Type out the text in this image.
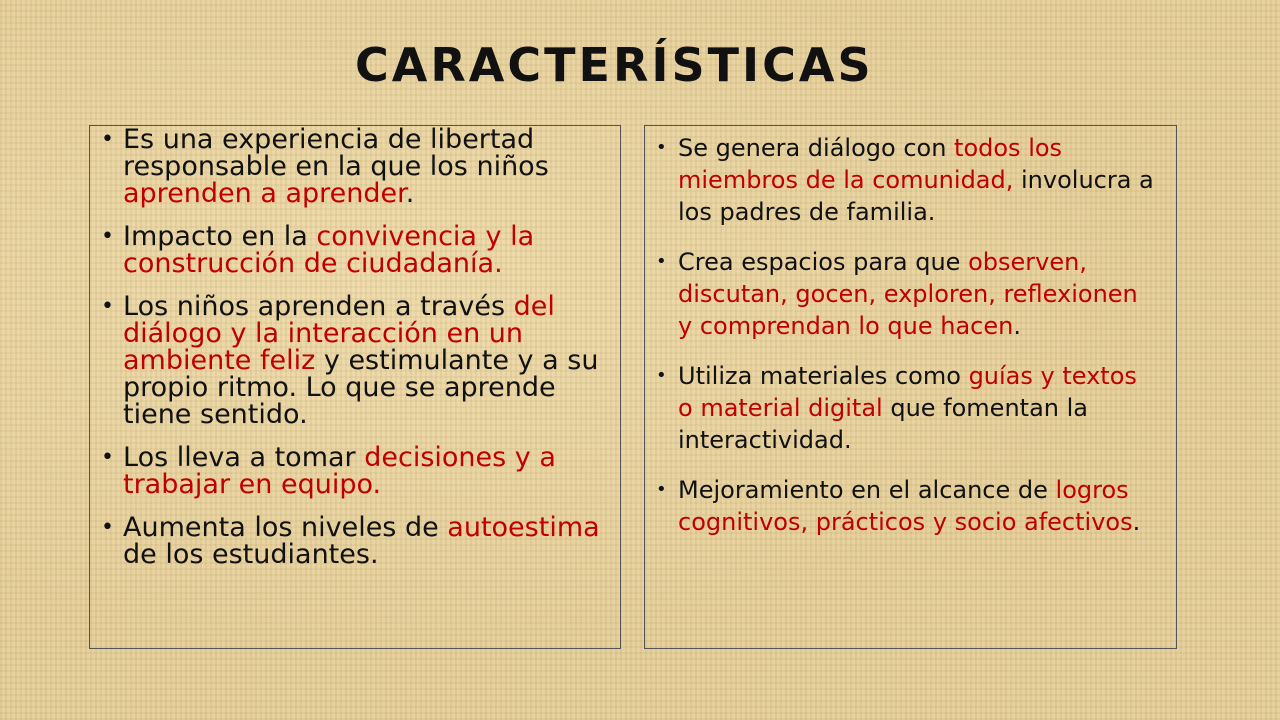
CARACTERÍSTICAS
• Es una experiencia de libertad responsable en la que los niños aprenden a aprender.
• Impacto en la convivencia y la construcción de ciudadanía.
• Los niños aprenden a través del diálogo y la interacción en un ambiente feliz y estimulante y a su propio ritmo. Lo que se aprende tiene sentido.
• Los lleva a tomar decisiones y a trabajar en equipo.
• Aumenta los niveles de autoestima de los estudiantes.
• Se genera diálogo con todos los miembros de la comunidad, involucra a los padres de familia.
• Crea espacios para que observen, discutan, gocen, exploren, reflexionen y comprendan lo que hacen.
• Utiliza materiales como guías y textos o material digital que fomentan la interactividad.
• Mejoramiento en el alcance de logros cognitivos, prácticos y socio afectivos.
